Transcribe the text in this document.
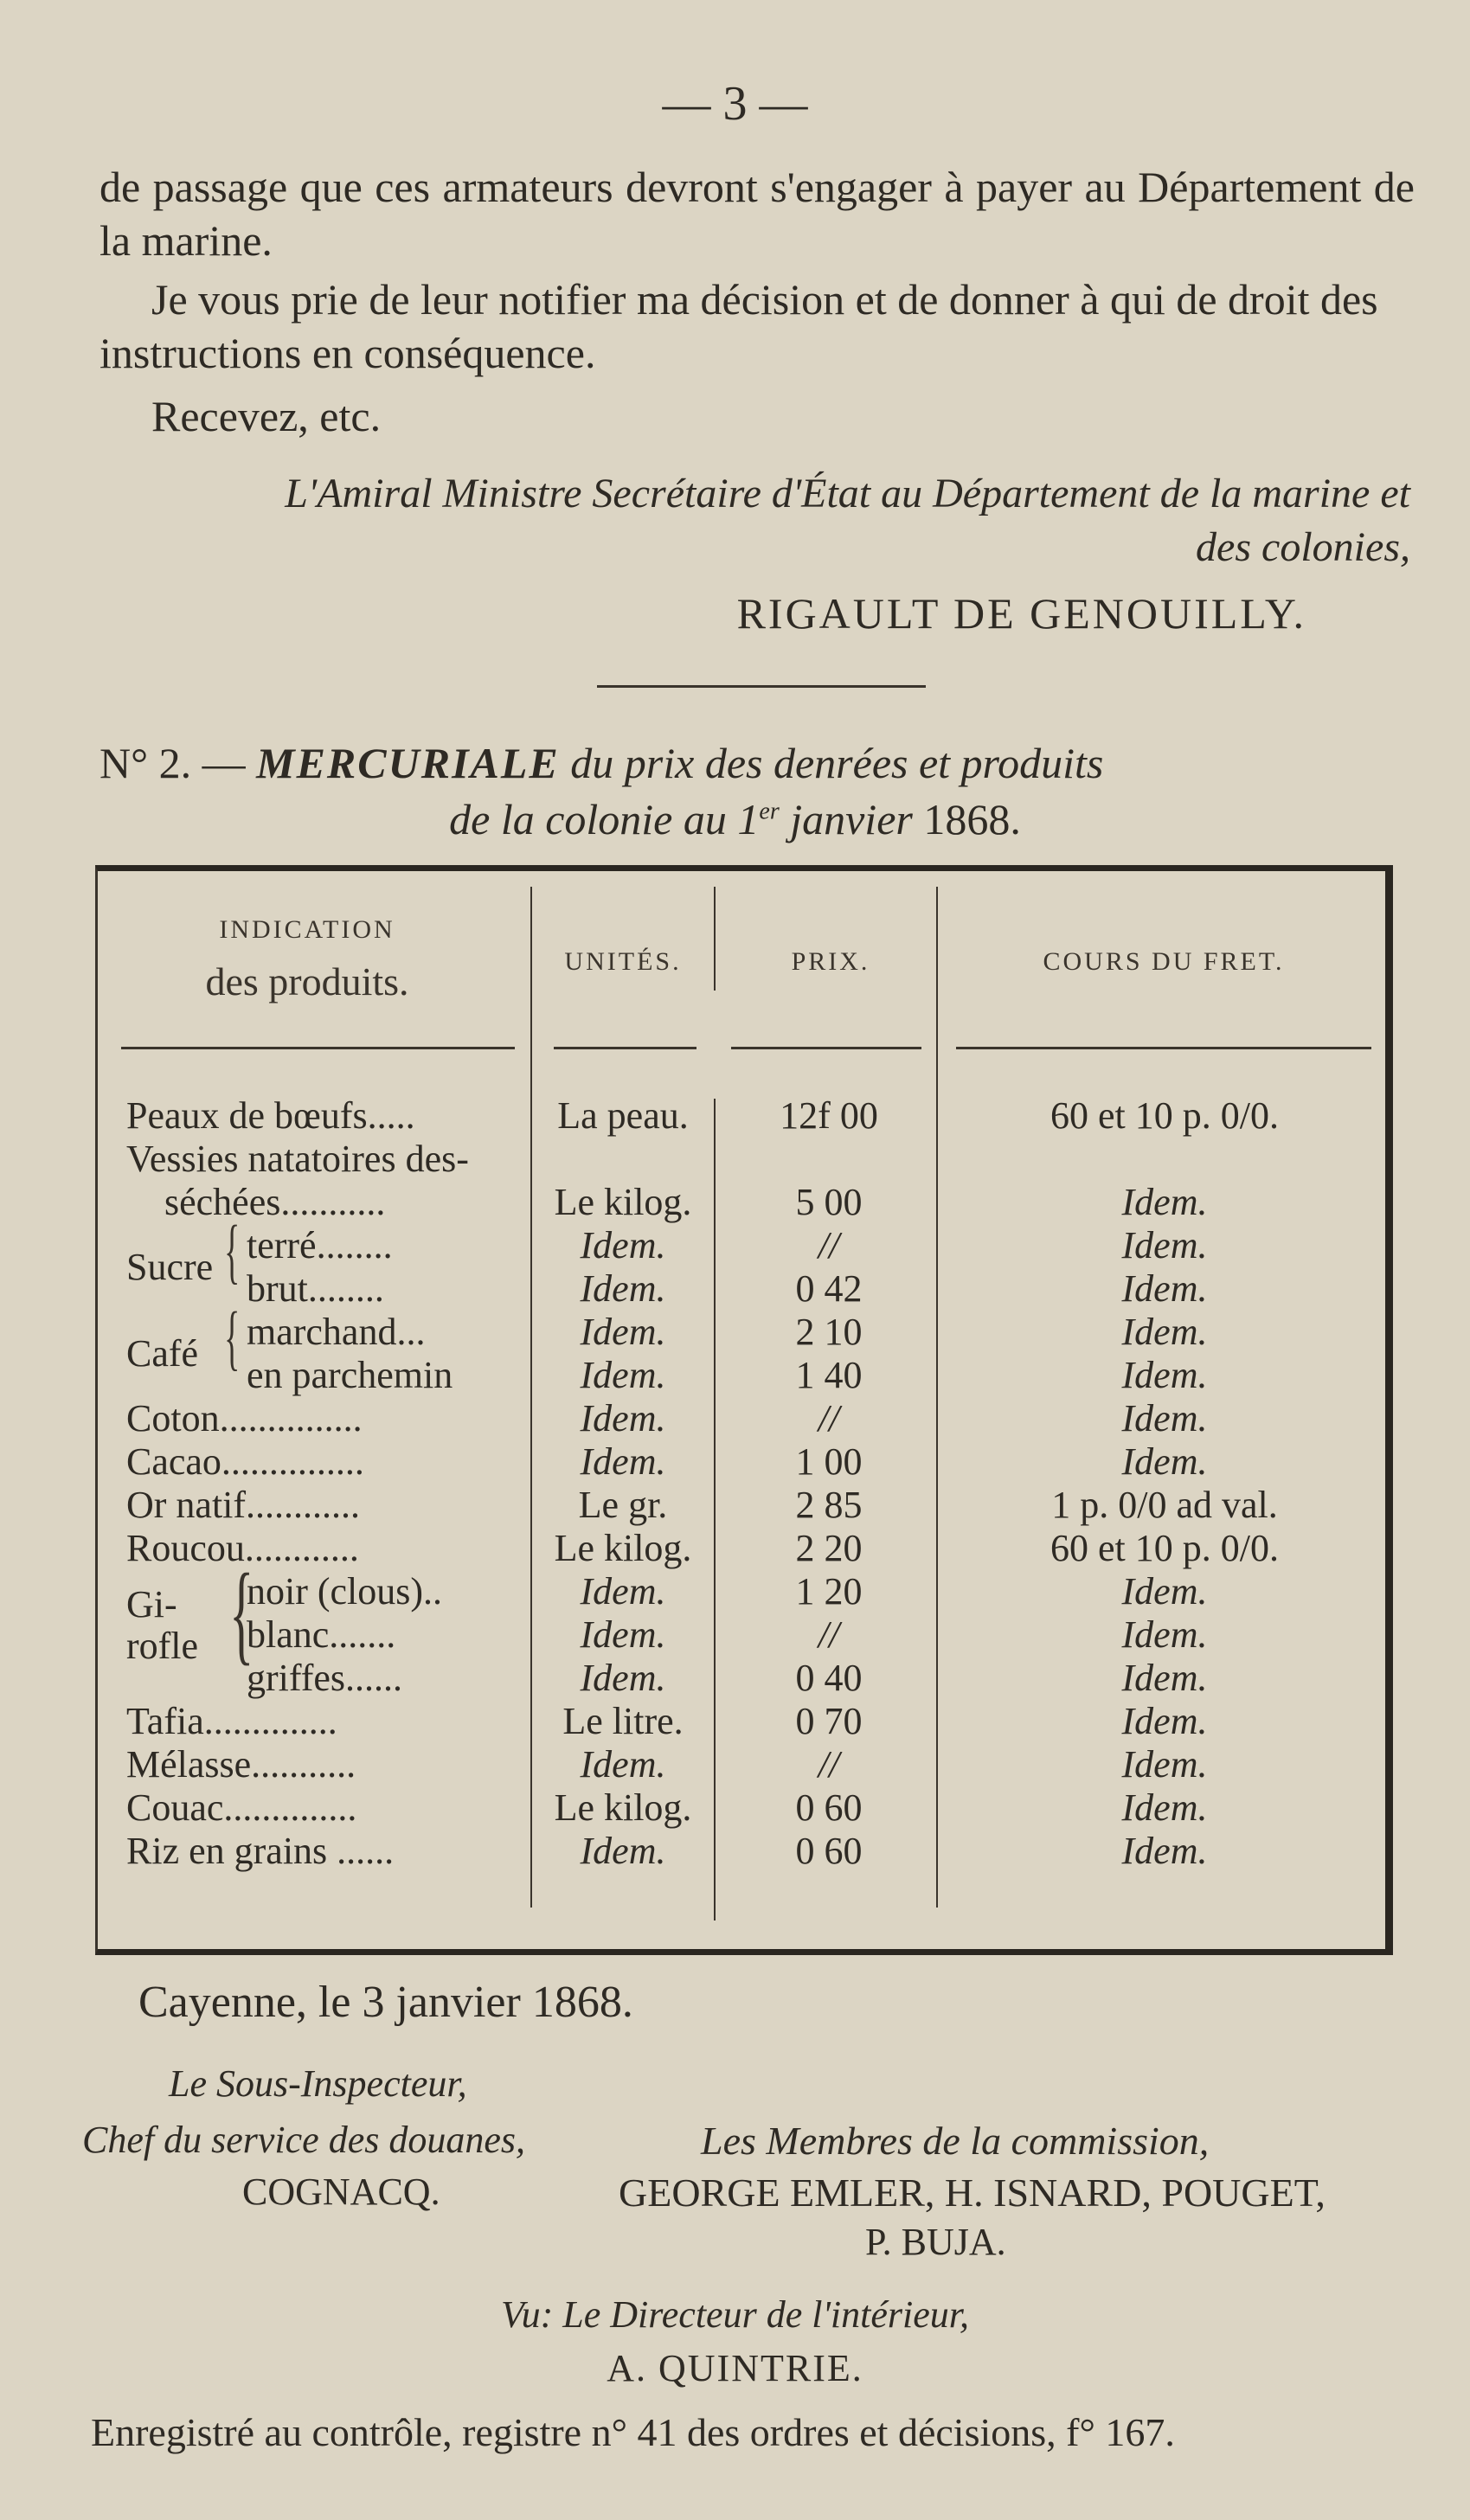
— 3 —
de passage que ces armateurs devront s'engager à payer au Département de la marine.
Je vous prie de leur notifier ma décision et de donner à qui de droit des instructions en conséquence.
Recevez, etc.
L'Amiral Ministre Secrétaire d'État au Département de la marine et des colonies,
RIGAULT DE GENOUILLY.
N° 2. — MERCURIALE du prix des denrées et produits
de la colonie au 1er janvier 1868.
INDICATION
des produits.	UNITÉS.	PRIX.	COURS DU FRET.
Peaux de bœufs.....	La peau.	12f 00	60 et 10 p. 0/0.
Vessies natatoires des-
séchées...........	Le kilog.	5 00	Idem.
Sucre { terré........	Idem.	//	Idem.
brut........	Idem.	0 42	Idem.
Café { marchand...	Idem.	2 10	Idem.
en parchemin	Idem.	1 40	Idem.
Coton...............	Idem.	//	Idem.
Cacao...............	Idem.	1 00	Idem.
Or natif............	Le gr.	2 85	1 p. 0/0 ad val.
Roucou............	Le kilog.	2 20	60 et 10 p. 0/0.
Gi-
rofle {
noir (clous)..	Idem.	1 20	Idem.
blanc.......	Idem.	//	Idem.
griffes......	Idem.	0 40	Idem.
Tafia..............	Le litre.	0 70	Idem.
Mélasse...........	Idem.	//	Idem.
Couac..............	Le kilog.	0 60	Idem.
Riz en grains ......	Idem.	0 60	Idem.
Cayenne, le 3 janvier 1868.
Le Sous-Inspecteur,
Chef du service des douanes,	Les Membres de la commission,
COGNACQ.	GEORGE EMLER, H. ISNARD, POUGET,
P. BUJA.
Vu: Le Directeur de l'intérieur,
A. QUINTRIE.
Enregistré au contrôle, registre n° 41 des ordres et décisions, f° 167.
